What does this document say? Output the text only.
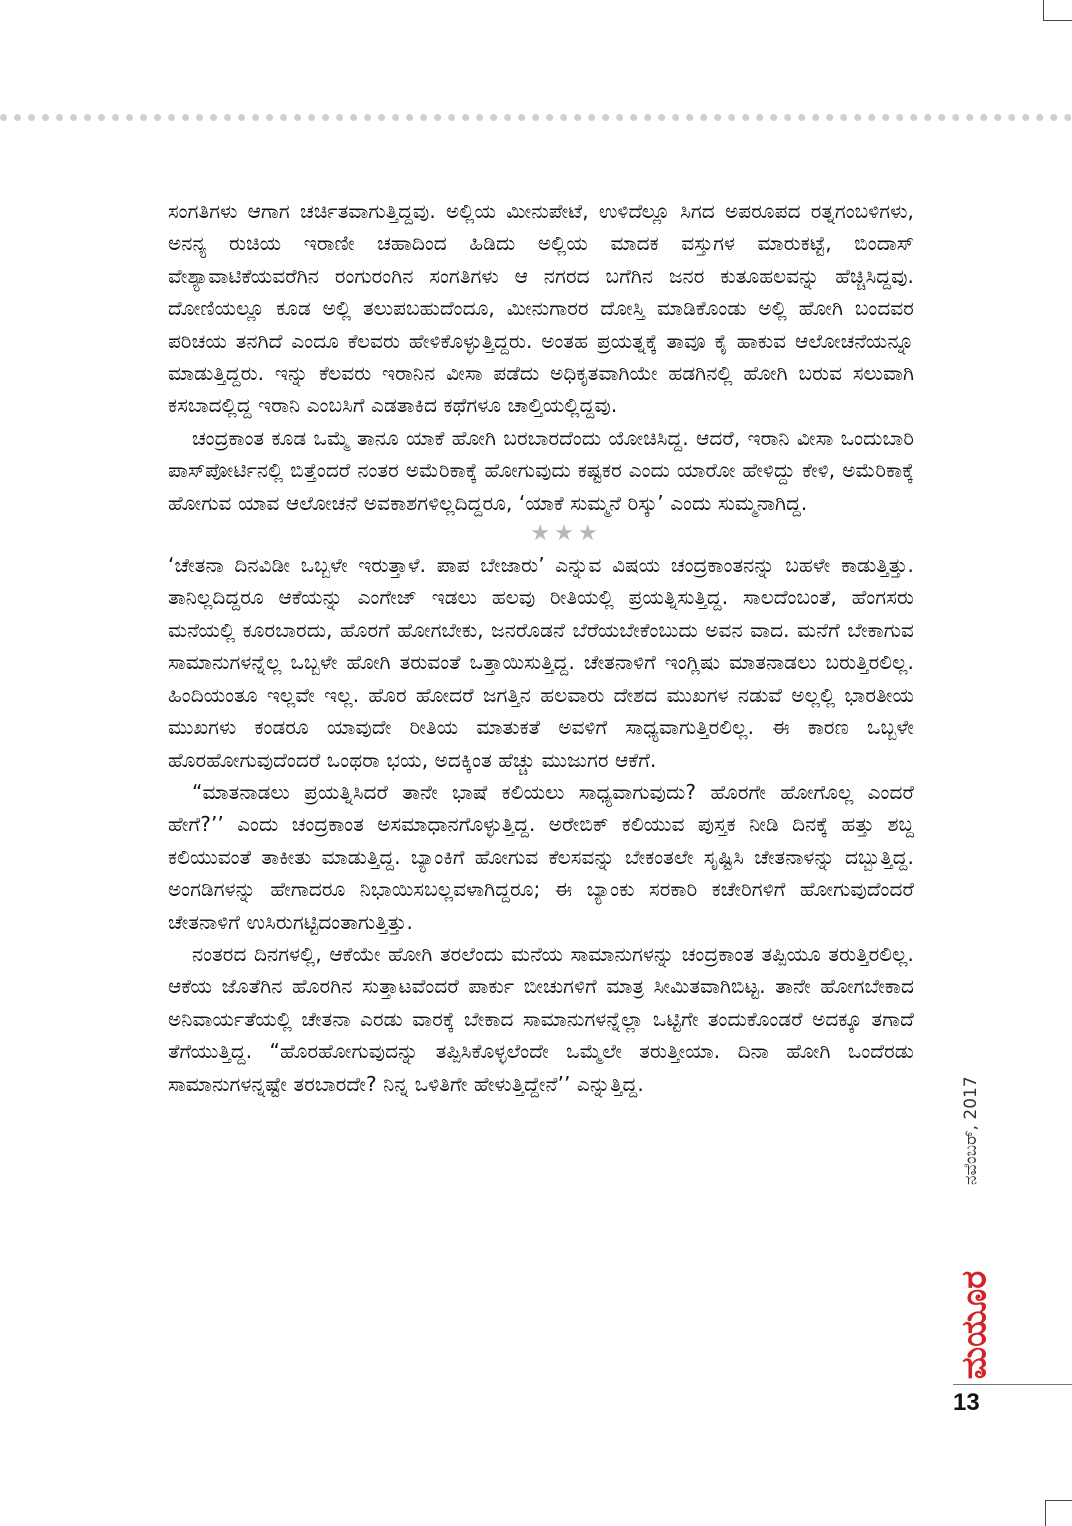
ಸಂಗತಿಗಳು ಆಗಾಗ ಚರ್ಚಿತವಾಗುತ್ತಿದ್ದವು. ಅಲ್ಲಿಯ ಮೀನುಪೇಟೆ, ಉಳಿದೆಲ್ಲೂ ಸಿಗದ ಅಪರೂಪದ ರತ್ನಗಂಬಳಿಗಳು, ಅನನ್ಯ ರುಚಿಯ ಇರಾಣೀ ಚಹಾದಿಂದ ಹಿಡಿದು ಅಲ್ಲಿಯ ಮಾದಕ ವಸ್ತುಗಳ ಮಾರುಕಟ್ಟೆ, ಬಿಂದಾಸ್ ವೇಶ್ಯಾವಾಟಿಕೆಯವರೆಗಿನ ರಂಗುರಂಗಿನ ಸಂಗತಿಗಳು ಆ ನಗರದ ಬಗೆಗಿನ ಜನರ ಕುತೂಹಲವನ್ನು ಹೆಚ್ಚಿಸಿದ್ದವು. ದೋಣಿಯಲ್ಲೂ ಕೂಡ ಅಲ್ಲಿ ತಲುಪಬಹುದೆಂದೂ, ಮೀನುಗಾರರ ದೋಸ್ತಿ ಮಾಡಿಕೊಂಡು ಅಲ್ಲಿ ಹೋಗಿ ಬಂದವರ ಪರಿಚಯ ತನಗಿದೆ ಎಂದೂ ಕೆಲವರು ಹೇಳಿಕೊಳ್ಳುತ್ತಿದ್ದರು. ಅಂತಹ ಪ್ರಯತ್ನಕ್ಕೆ ತಾವೂ ಕೈ ಹಾಕುವ ಆಲೋಚನೆಯನ್ನೂ ಮಾಡುತ್ತಿದ್ದರು. ಇನ್ನು ಕೆಲವರು ಇರಾನಿನ ವೀಸಾ ಪಡೆದು ಅಧಿಕೃತವಾಗಿಯೇ ಹಡಗಿನಲ್ಲಿ ಹೋಗಿ ಬರುವ ಸಲುವಾಗಿ ಕಸಬಾದಲ್ಲಿದ್ದ ಇರಾನಿ ಎಂಬಸಿಗೆ ಎಡತಾಕಿದ ಕಥೆಗಳೂ ಚಾಲ್ತಿಯಲ್ಲಿದ್ದವು.

ಚಂದ್ರಕಾಂತ ಕೂಡ ಒಮ್ಮೆ ತಾನೂ ಯಾಕೆ ಹೋಗಿ ಬರಬಾರದೆಂದು ಯೋಚಿಸಿದ್ದ. ಆದರೆ, ಇರಾನಿ ವೀಸಾ ಒಂದುಬಾರಿ ಪಾಸ್‌ಪೋರ್ಟಿನಲ್ಲಿ ಬಿತ್ತೆಂದರೆ ನಂತರ ಅಮೆರಿಕಾಕ್ಕೆ ಹೋಗುವುದು ಕಷ್ಟಕರ ಎಂದು ಯಾರೋ ಹೇಳಿದ್ದು ಕೇಳಿ, ಅಮೆರಿಕಾಕ್ಕೆ ಹೋಗುವ ಯಾವ ಆಲೋಚನೆ ಅವಕಾಶಗಳಿಲ್ಲದಿದ್ದರೂ, ‘ಯಾಕೆ ಸುಮ್ಮನೆ ರಿಸ್ಕು’ ಎಂದು ಸುಮ್ಮನಾಗಿದ್ದ.

★★★

‘ಚೇತನಾ ದಿನವಿಡೀ ಒಬ್ಬಳೇ ಇರುತ್ತಾಳೆ. ಪಾಪ ಬೇಜಾರು’ ಎನ್ನುವ ವಿಷಯ ಚಂದ್ರಕಾಂತನನ್ನು ಬಹಳೇ ಕಾಡುತ್ತಿತ್ತು. ತಾನಿಲ್ಲದಿದ್ದರೂ ಆಕೆಯನ್ನು ಎಂಗೇಜ್ ಇಡಲು ಹಲವು ರೀತಿಯಲ್ಲಿ ಪ್ರಯತ್ನಿಸುತ್ತಿದ್ದ. ಸಾಲದೆಂಬಂತೆ, ಹೆಂಗಸರು ಮನೆಯಲ್ಲಿ ಕೂರಬಾರದು, ಹೊರಗೆ ಹೋಗಬೇಕು, ಜನರೊಡನೆ ಬೆರೆಯಬೇಕೆಂಬುದು ಅವನ ವಾದ. ಮನೆಗೆ ಬೇಕಾಗುವ ಸಾಮಾನುಗಳನ್ನೆಲ್ಲ ಒಬ್ಬಳೇ ಹೋಗಿ ತರುವಂತೆ ಒತ್ತಾಯಿಸುತ್ತಿದ್ದ. ಚೇತನಾಳಿಗೆ ಇಂಗ್ಲಿಷು ಮಾತನಾಡಲು ಬರುತ್ತಿರಲಿಲ್ಲ. ಹಿಂದಿಯಂತೂ ಇಲ್ಲವೇ ಇಲ್ಲ. ಹೊರ ಹೋದರೆ ಜಗತ್ತಿನ ಹಲವಾರು ದೇಶದ ಮುಖಗಳ ನಡುವೆ ಅಲ್ಲಲ್ಲಿ ಭಾರತೀಯ ಮುಖಗಳು ಕಂಡರೂ ಯಾವುದೇ ರೀತಿಯ ಮಾತುಕತೆ ಅವಳಿಗೆ ಸಾಧ್ಯವಾಗುತ್ತಿರಲಿಲ್ಲ. ಈ ಕಾರಣ ಒಬ್ಬಳೇ ಹೊರಹೋಗುವುದೆಂದರೆ ಒಂಥರಾ ಭಯ, ಅದಕ್ಕಿಂತ ಹೆಚ್ಚು ಮುಜುಗರ ಆಕೆಗೆ.

“ಮಾತನಾಡಲು ಪ್ರಯತ್ನಿಸಿದರೆ ತಾನೇ ಭಾಷೆ ಕಲಿಯಲು ಸಾಧ್ಯವಾಗುವುದು? ಹೊರಗೇ ಹೋಗೊಲ್ಲ ಎಂದರೆ ಹೇಗೆ?’’ ಎಂದು ಚಂದ್ರಕಾಂತ ಅಸಮಾಧಾನಗೊಳ್ಳುತ್ತಿದ್ದ. ಅರೇಬಿಕ್ ಕಲಿಯುವ ಪುಸ್ತಕ ನೀಡಿ ದಿನಕ್ಕೆ ಹತ್ತು ಶಬ್ದ ಕಲಿಯುವಂತೆ ತಾಕೀತು ಮಾಡುತ್ತಿದ್ದ. ಬ್ಯಾಂಕಿಗೆ ಹೋಗುವ ಕೆಲಸವನ್ನು ಬೇಕಂತಲೇ ಸೃಷ್ಟಿಸಿ ಚೇತನಾಳನ್ನು ದಬ್ಬುತ್ತಿದ್ದ. ಅಂಗಡಿಗಳನ್ನು ಹೇಗಾದರೂ ನಿಭಾಯಿಸಬಲ್ಲವಳಾಗಿದ್ದರೂ; ಈ ಬ್ಯಾಂಕು ಸರಕಾರಿ ಕಚೇರಿಗಳಿಗೆ ಹೋಗುವುದೆಂದರೆ ಚೇತನಾಳಿಗೆ ಉಸಿರುಗಟ್ಟಿದಂತಾಗುತ್ತಿತ್ತು.

ನಂತರದ ದಿನಗಳಲ್ಲಿ, ಆಕೆಯೇ ಹೋಗಿ ತರಲೆಂದು ಮನೆಯ ಸಾಮಾನುಗಳನ್ನು ಚಂದ್ರಕಾಂತ ತಪ್ಪಿಯೂ ತರುತ್ತಿರಲಿಲ್ಲ. ಆಕೆಯ ಜೊತೆಗಿನ ಹೊರಗಿನ ಸುತ್ತಾಟವೆಂದರೆ ಪಾರ್ಕು ಬೀಚುಗಳಿಗೆ ಮಾತ್ರ ಸೀಮಿತವಾಗಿಬಿಟ್ಟ. ತಾನೇ ಹೋಗಬೇಕಾದ ಅನಿವಾರ್ಯತೆಯಲ್ಲಿ ಚೇತನಾ ಎರಡು ವಾರಕ್ಕೆ ಬೇಕಾದ ಸಾಮಾನುಗಳನ್ನೆಲ್ಲಾ ಒಟ್ಟಿಗೇ ತಂದುಕೊಂಡರೆ ಅದಕ್ಕೂ ತಗಾದೆ ತೆಗೆಯುತ್ತಿದ್ದ. “ಹೊರಹೋಗುವುದನ್ನು ತಪ್ಪಿಸಿಕೊಳ್ಳಲೆಂದೇ ಒಮ್ಮೆಲೇ ತರುತ್ತೀಯಾ. ದಿನಾ ಹೋಗಿ ಒಂದೆರಡು ಸಾಮಾನುಗಳನ್ನಷ್ಟೇ ತರಬಾರದೇ? ನಿನ್ನ ಒಳಿತಿಗೇ ಹೇಳುತ್ತಿದ್ದೇನೆ’’ ಎನ್ನುತ್ತಿದ್ದ.	ನವೆಂಬರ್, 2017
ಮಯೂರ
13
